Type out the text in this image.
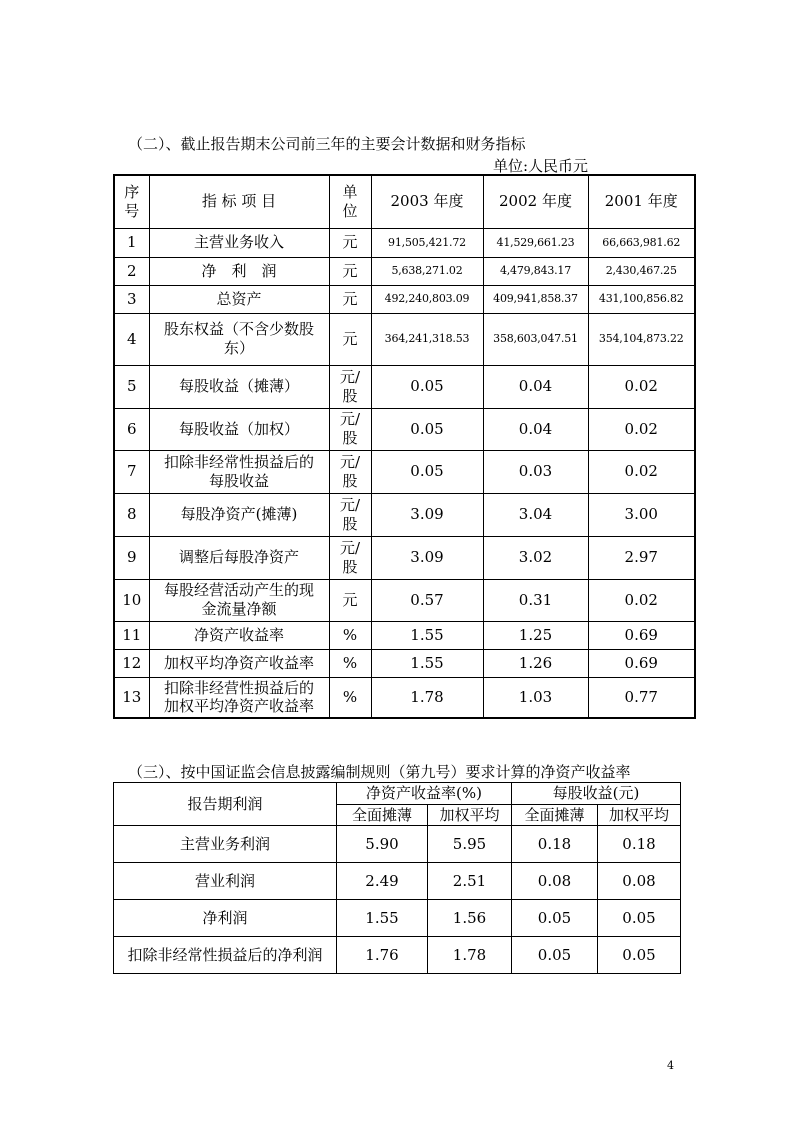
（二）、截止报告期末公司前三年的主要会计数据和财务指标
单位:人民币元
序
号	指 标 项 目	单
位	2003 年度	2002 年度	2001 年度
1	主营业务收入	元	91,505,421.72	41,529,661.23	66,663,981.62
2	净　利　润	元	5,638,271.02	4,479,843.17	2,430,467.25
3	总资产	元	492,240,803.09	409,941,858.37	431,100,856.82
4	股东权益（不含少数股
东）	元	364,241,318.53	358,603,047.51	354,104,873.22
5	每股收益（摊薄）	元/
股	0.05	0.04	0.02
6	每股收益（加权）	元/
股	0.05	0.04	0.02
7	扣除非经常性损益后的
每股收益	元/
股	0.05	0.03	0.02
8	每股净资产(摊薄)	元/
股	3.09	3.04	3.00
9	调整后每股净资产	元/
股	3.09	3.02	2.97
10	每股经营活动产生的现
金流量净额	元	0.57	0.31	0.02
11	净资产收益率	%	1.55	1.25	0.69
12	加权平均净资产收益率	%	1.55	1.26	0.69
13	扣除非经营性损益后的
加权平均净资产收益率	%	1.78	1.03	0.77
（三）、按中国证监会信息披露编制规则（第九号）要求计算的净资产收益率
报告期利润	净资产收益率(%)		每股收益(元)	
	全面摊薄	加权平均	全面摊薄	加权平均
主营业务利润	5.90	5.95	0.18	0.18
营业利润	2.49	2.51	0.08	0.08
净利润	1.55	1.56	0.05	0.05
扣除非经常性损益后的净利润	1.76	1.78	0.05	0.05
4
